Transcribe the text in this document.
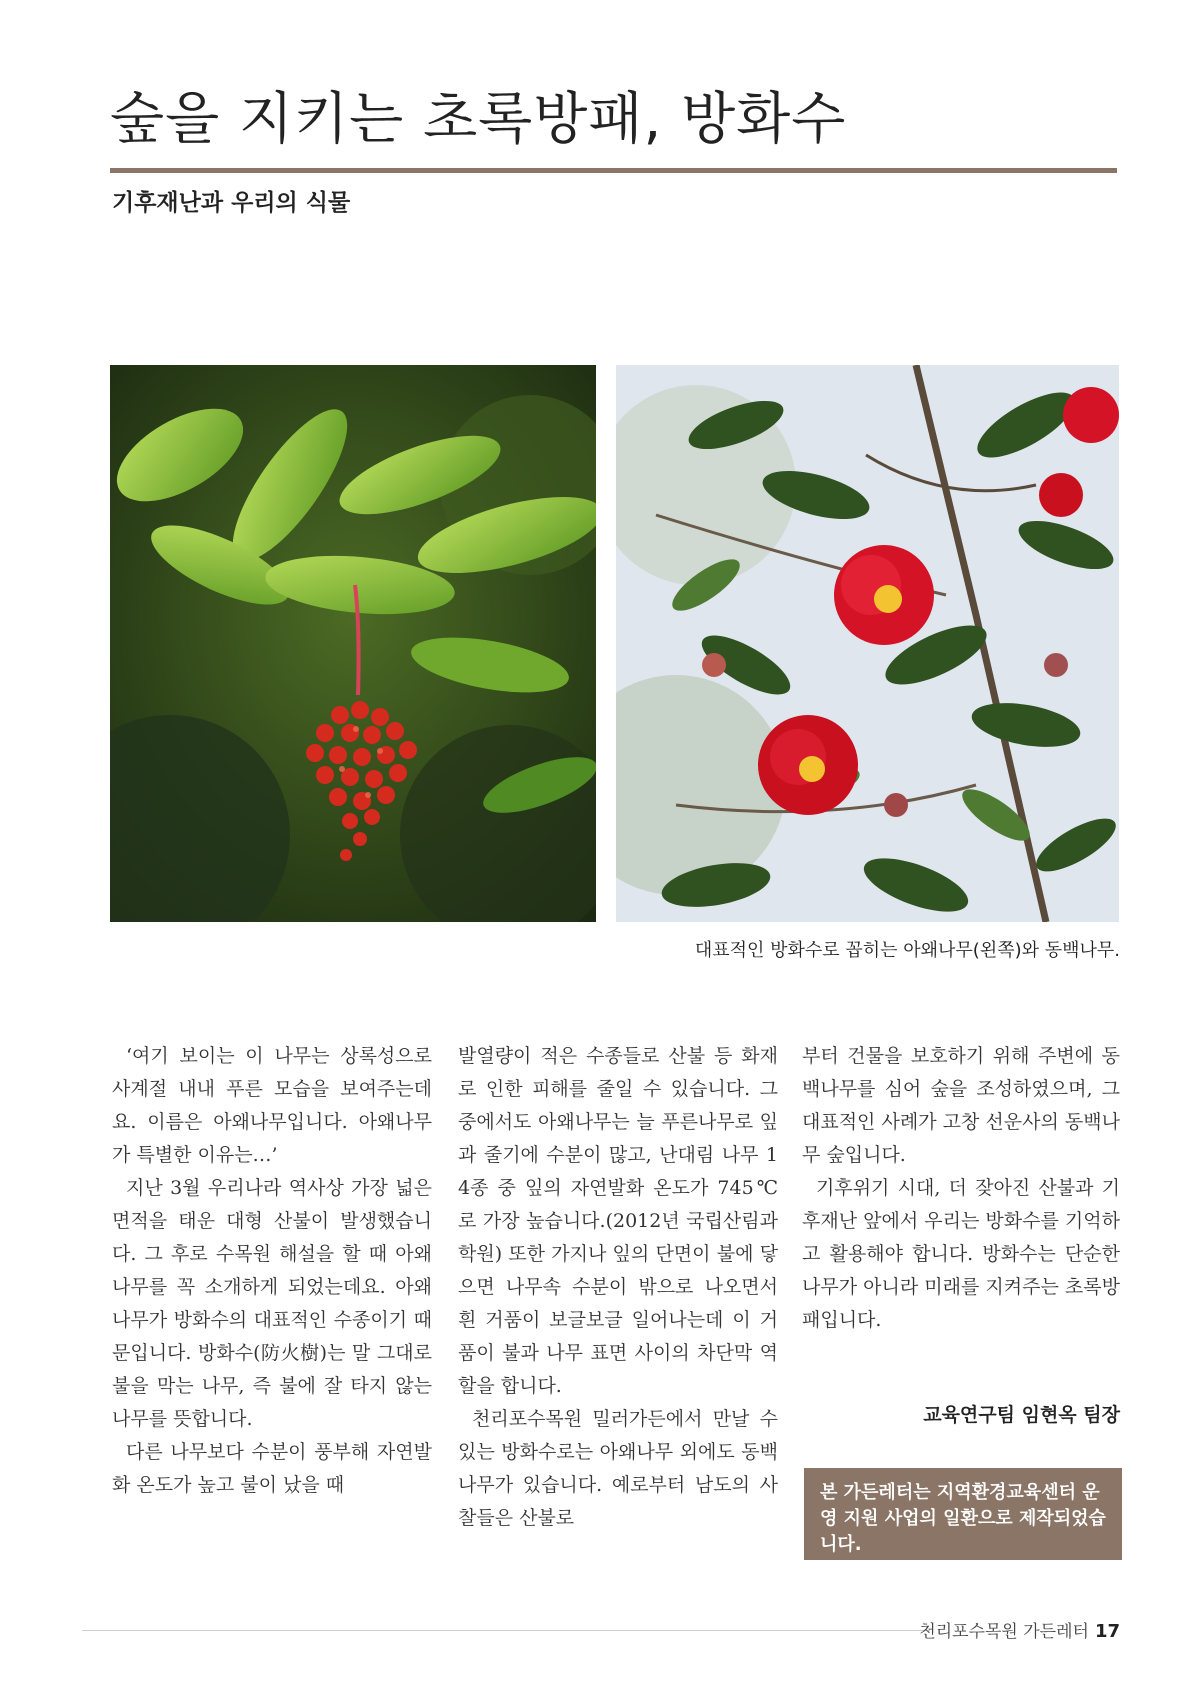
숲을 지키는 초록방패, 방화수
기후재난과 우리의 식물
대표적인 방화수로 꼽히는 아왜나무(왼쪽)와 동백나무.

‘여기 보이는 이 나무는 상록성으로 사계절 내내 푸른 모습을 보여주는데요. 이름은 아왜나무입니다. 아왜나무가 특별한 이유는…’

지난 3월 우리나라 역사상 가장 넓은 면적을 태운 대형 산불이 발생했습니다. 그 후로 수목원 해설을 할 때 아왜나무를 꼭 소개하게 되었는데요. 아왜나무가 방화수의 대표적인 수종이기 때문입니다. 방화수(防火樹)는 말 그대로 불을 막는 나무, 즉 불에 잘 타지 않는 나무를 뜻합니다.

다른 나무보다 수분이 풍부해 자연발화 온도가 높고 불이 났을 때

발열량이 적은 수종들로 산불 등 화재로 인한 피해를 줄일 수 있습니다. 그 중에서도 아왜나무는 늘 푸른나무로 잎과 줄기에 수분이 많고, 난대림 나무 14종 중 잎의 자연발화 온도가 745℃로 가장 높습니다.(2012년 국립산림과학원) 또한 가지나 잎의 단면이 불에 닿으면 나무속 수분이 밖으로 나오면서 흰 거품이 보글보글 일어나는데 이 거품이 불과 나무 표면 사이의 차단막 역할을 합니다.

천리포수목원 밀러가든에서 만날 수 있는 방화수로는 아왜나무 외에도 동백나무가 있습니다. 예로부터 남도의 사찰들은 산불로

부터 건물을 보호하기 위해 주변에 동백나무를 심어 숲을 조성하였으며, 그 대표적인 사례가 고창 선운사의 동백나무 숲입니다.

기후위기 시대, 더 잦아진 산불과 기후재난 앞에서 우리는 방화수를 기억하고 활용해야 합니다. 방화수는 단순한 나무가 아니라 미래를 지켜주는 초록방패입니다.

교육연구팀 임현옥 팀장
본 가든레터는 지역환경교육센터 운영 지원 사업의 일환으로 제작되었습니다.
천리포수목원 가든레터 17
